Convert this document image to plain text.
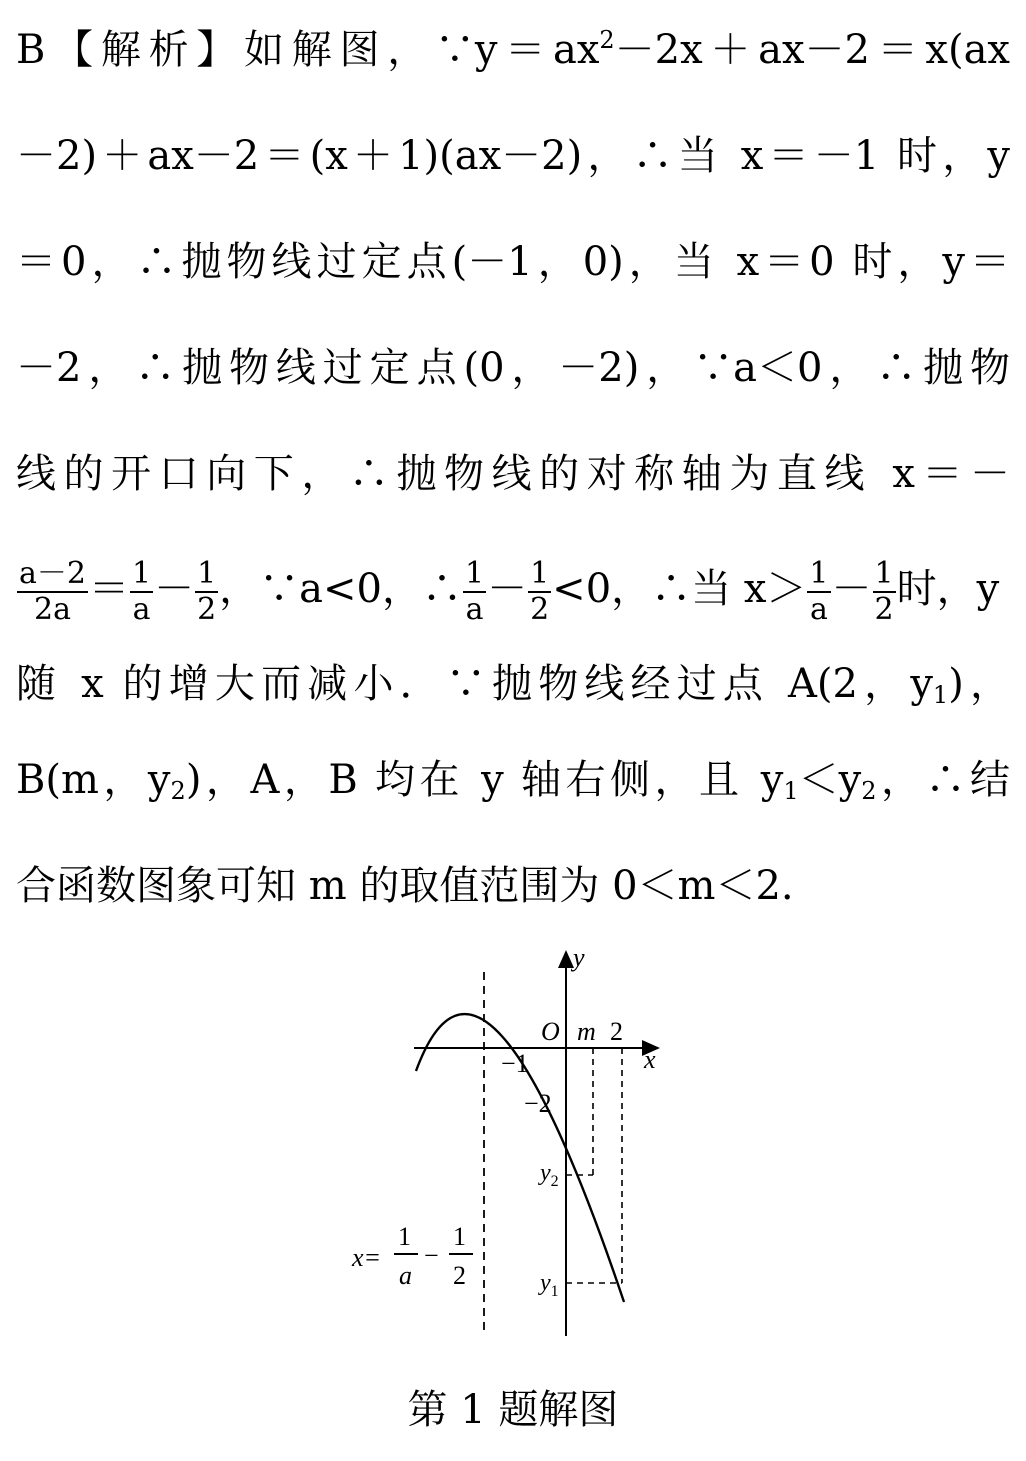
B【解析】如解图，$\because y=ax^2-2x+ax-2=x(ax$
－2)＋ax－2＝(x＋1)(ax－2)，∴当 x＝－1 时，y
＝0，∴抛物线过定点(－1，0)，当 x＝0 时，y＝
－2，∴抛物线过定点(0，－2)，∵a＜0，∴抛物
线的开口向下，∴抛物线的对称轴为直线 x＝－
$\frac{a-2}{2a} = \frac{1}{a} - \frac{1}{2}$ ，∵a<0，∴ $\frac{1}{a} - \frac{1}{2} <0$，∴当 $x> \frac{1}{a} - \frac{1}{2}$ 时，y
随 x 的增大而减小．∵抛物线经过点 A(2，$y_1$)，
B(m，$y_2$)，A，B 均在 y 轴右侧，且 $y_1<y_2$，∴结
合函数图象可知 m 的取值范围为 0＜m＜2.
y
x
O m 2
−1
−2
$y_2$
$y_1$
x=
1
a
−
1
2
第 1 题解图
